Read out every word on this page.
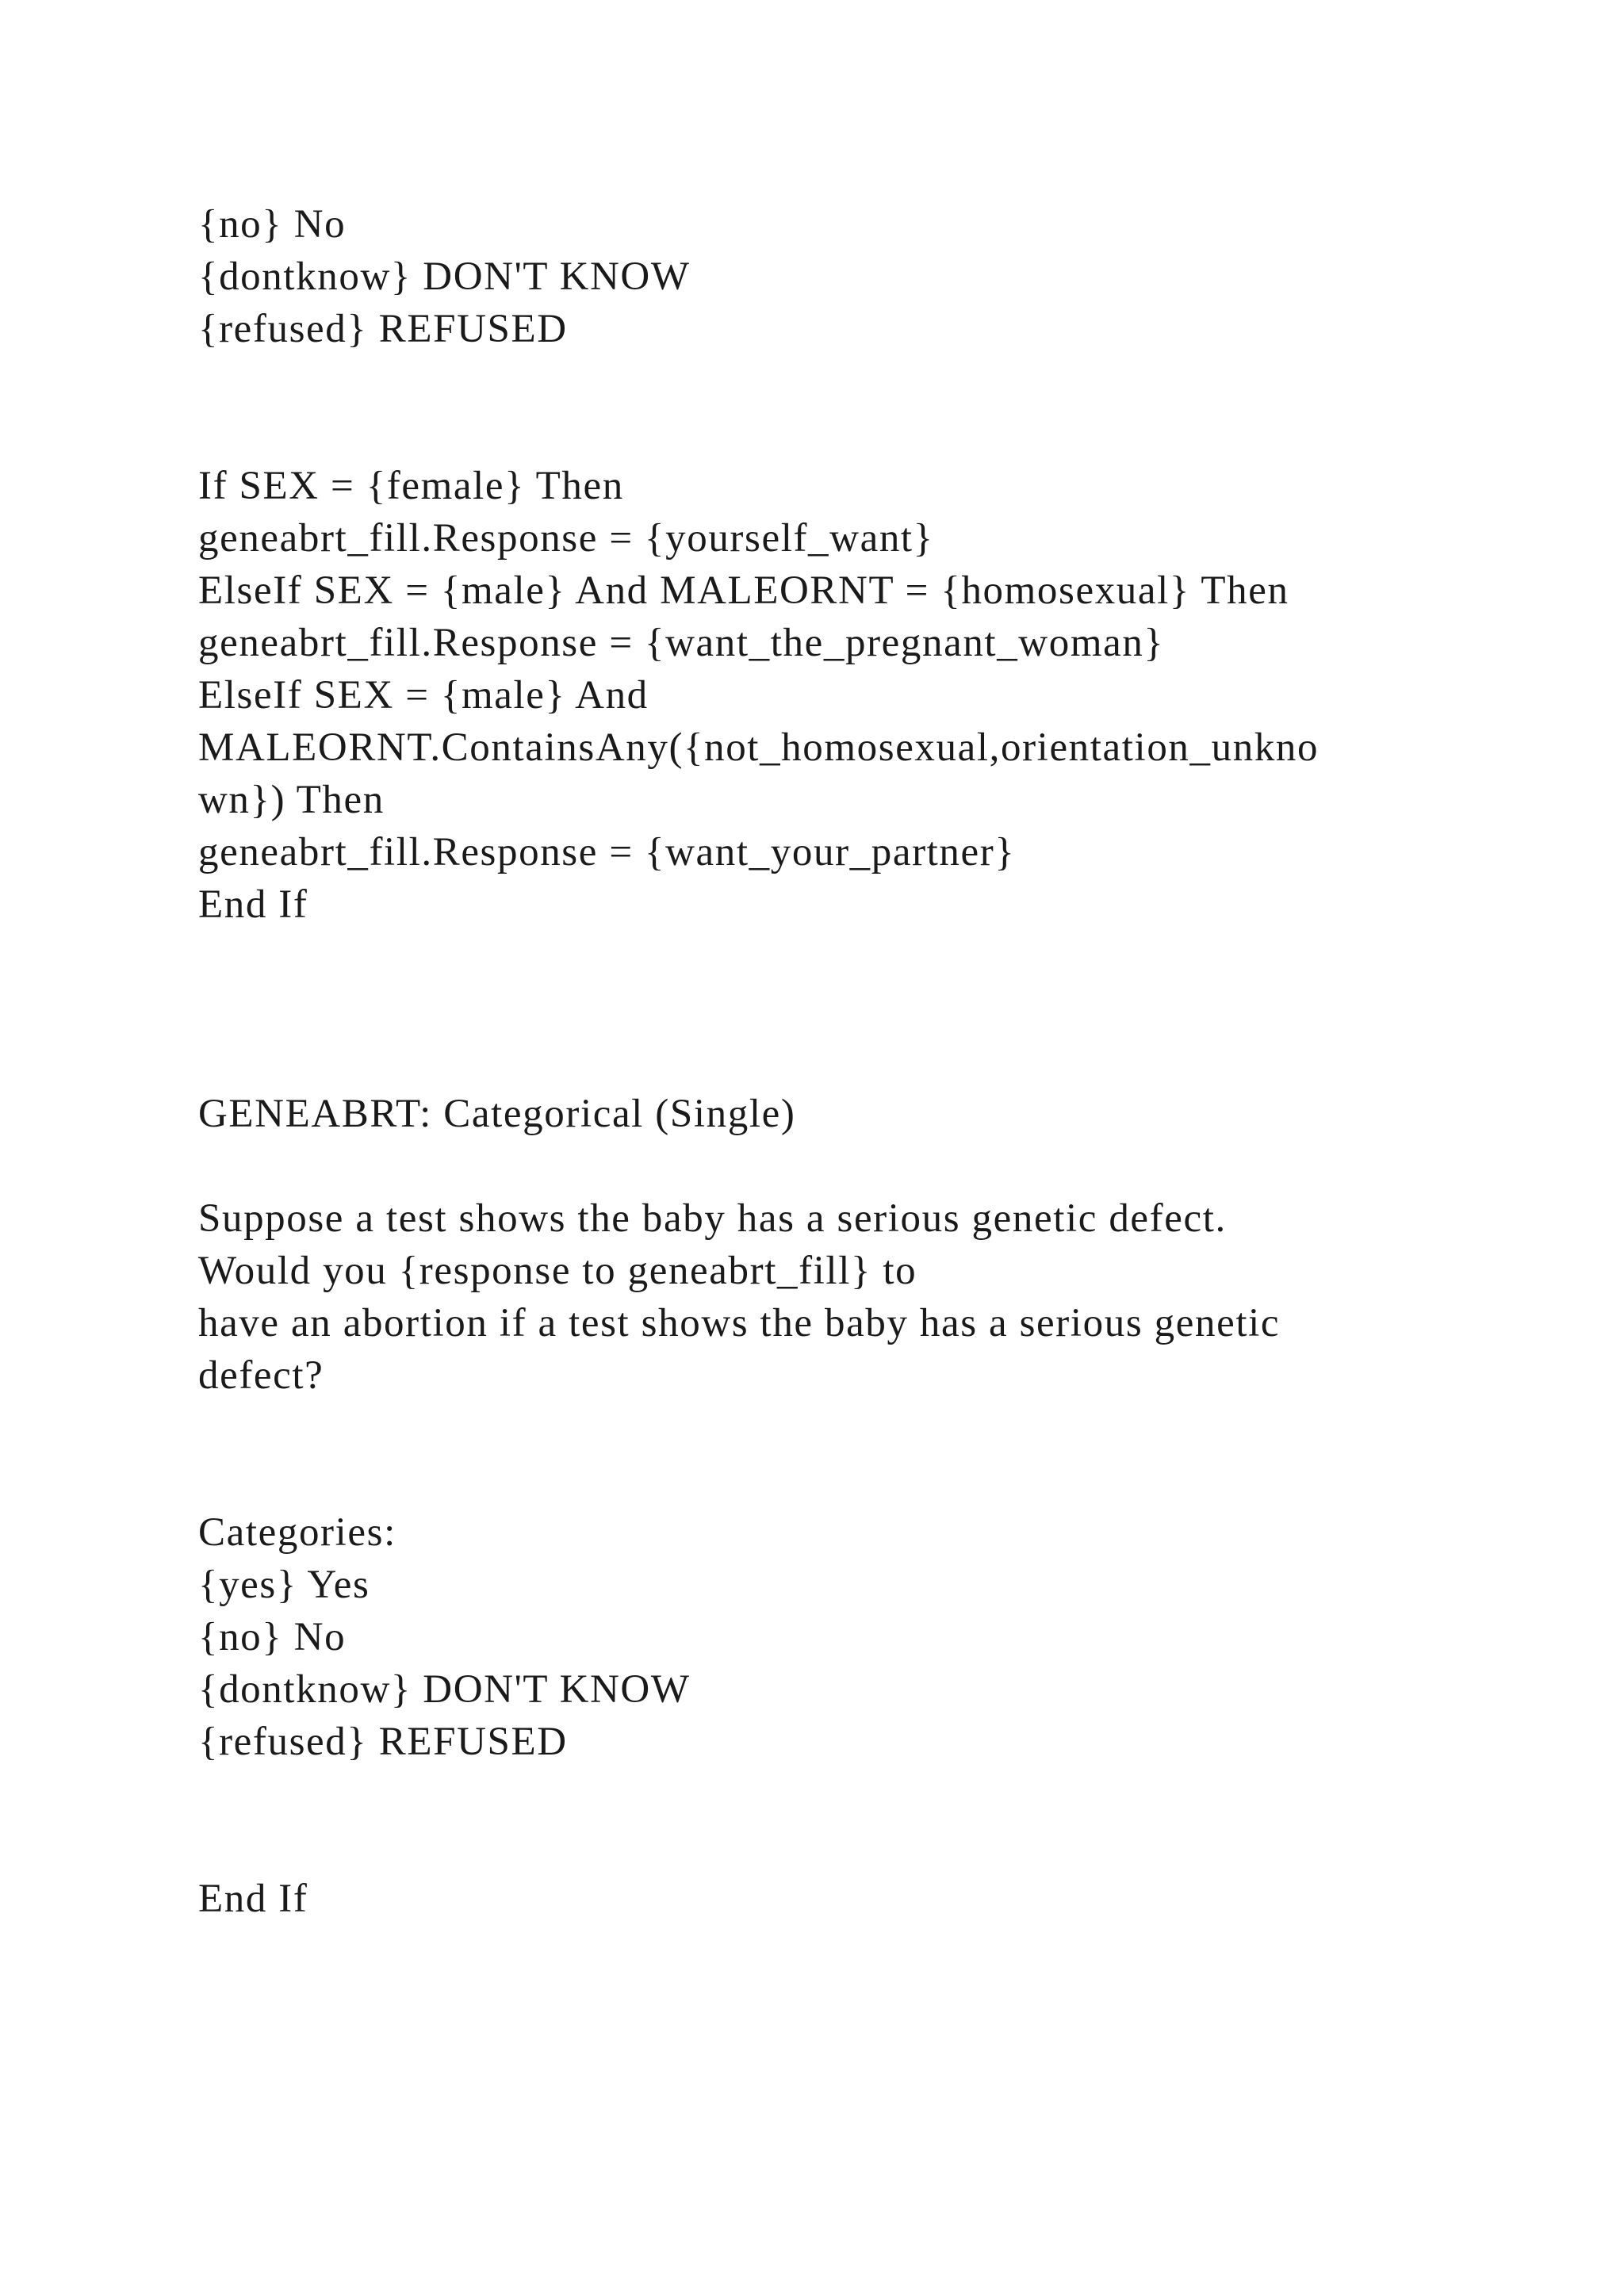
{no} No
{dontknow} DON'T KNOW
{refused} REFUSED
If SEX = {female} Then
geneabrt_fill.Response = {yourself_want}
ElseIf SEX = {male} And MALEORNT = {homosexual} Then
geneabrt_fill.Response = {want_the_pregnant_woman}
ElseIf SEX = {male} And
MALEORNT.ContainsAny({not_homosexual,orientation_unkno
wn}) Then
geneabrt_fill.Response = {want_your_partner}
End If
GENEABRT: Categorical (Single)
Suppose a test shows the baby has a serious genetic defect.
Would you {response to geneabrt_fill} to
have an abortion if a test shows the baby has a serious genetic
defect?
Categories:
{yes} Yes
{no} No
{dontknow} DON'T KNOW
{refused} REFUSED
End If
